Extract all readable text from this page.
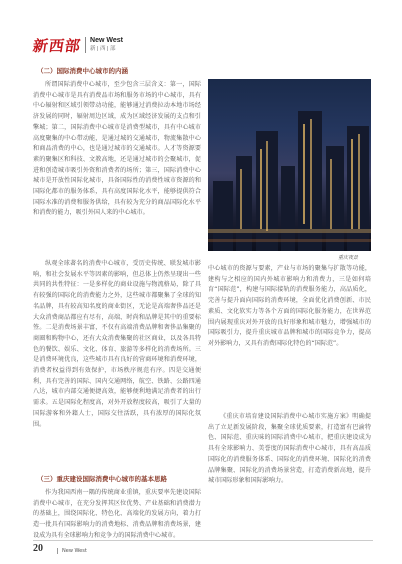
新西部 New West
新 | 西 | 部
（二）国际消费中心城市的内涵
所谓国际消费中心城市，至少包含三层含义：第一，国际消费中心城市是具有消费品市场和服务市场的中心城市，具有中心辐射和区域引领带动功能，能够通过消费拉动本地市场经济发展的同时，辐射周边区域，成为区域经济发展的支点和引擎城；第二，国际消费中心城市是消费型城市，具有中心城市高度聚集的中心带动能，是通过城的交通城市，物流集散中心和商品消费的中心，也是通过城市的交通城市。人才等资源要素的聚集区和科技、文教高地，还是通过城市的会聚城市，促进和创造城市吸引外资和消费者的场所；第三，国际消费中心城市是开放性国际化城市，具备国际性的消费性城市资源的和国际化都市的服务体系，具有高度国际化水平，能够提供符合国际水准的消费和服务供给，具有较为充分的商品国际化水平和消费的能力，吸引外国人来的中心城市。
重庆夜景
纵观全球著名的消费中心城市，受历史传统、联发城市影响，和社会发展水平等因素的影响，但总体上仍然呈现出一些共同的共性特征：一是多样化的商业设施与物流格局，除了具有较强的国际化的消费能力之外，这些城市都聚集了全球的知名品牌，具有较高知名度的商业街区，无论是高端奢侈品还是大众消费商品都应有尽有，高端、时尚和品牌是其中的重要标签。二是消费场景丰富，不仅有高端消费品牌和奢侈品集聚的商圈和购物中心，还有大众消费集聚的社区商业，以及各具特色的餐饮、娱乐、文化、体育、旅游等多样化的消费场所。三是消费环境优良，这些城市具有良好的营商环境和消费环境，消费者权益得到有效保护，市场秩序规范有序。四是交通便利，具有完善的国际、国内交通网络，航空、铁路、公路四通八达，城市内部交通便捷高效，能够便利地满足消费者的出行需求。五是国际化程度高，对外开放程度较高，吸引了大量的国际游客和外籍人士，国际交往活跃，具有浓厚的国际化氛围。
（三）重庆建设国际消费中心城市的基本思路
作为我国西南一隅的传统商业重镇，重庆要率先建设国际消费中心城市，在充分发挥其区位优势、产业基础和消费潜力的基础上，围绕国际化、特色化、高端化的发展方向，着力打造一批具有国际影响力的消费地标、消费品牌和消费场景，建设成为具有全球影响力和竞争力的国际消费中心城市。
中心城市的资源与要素，产业与市场的聚集与扩散等功能，建构与之相应的国内外城市影响力和消费力，三是如何培育“国际范”，构建与国际接轨的消费服务能力，高品质化，完善与提升面向国际的消费环境，全面优化消费创新、市民素质、文化软实力等各个方面的国际化服务能力，在世界范围内展现重庆对外开放的良好形象和城市魅力，增强城市的国际吸引力，提升重庆城市品牌和城市的国际竞争力，提高对外影响力，又具有消费国际化特色的“国际范”。
《重庆市培育建设国际消费中心城市实施方案》明确提出了立足新发展阶段，集聚全球优质要素，打造富有巴渝特色、国际范、重庆味的国际消费中心城市，把重庆建设成为具有全球影响力、美誉度的国际消费中心城市，具有高品质国际化的消费服务体系、国际化的消费环境、国际化的消费品牌集聚、国际化的消费场景营造，打造消费新高地，提升城市国际形象和国际影响力。
20	New West
